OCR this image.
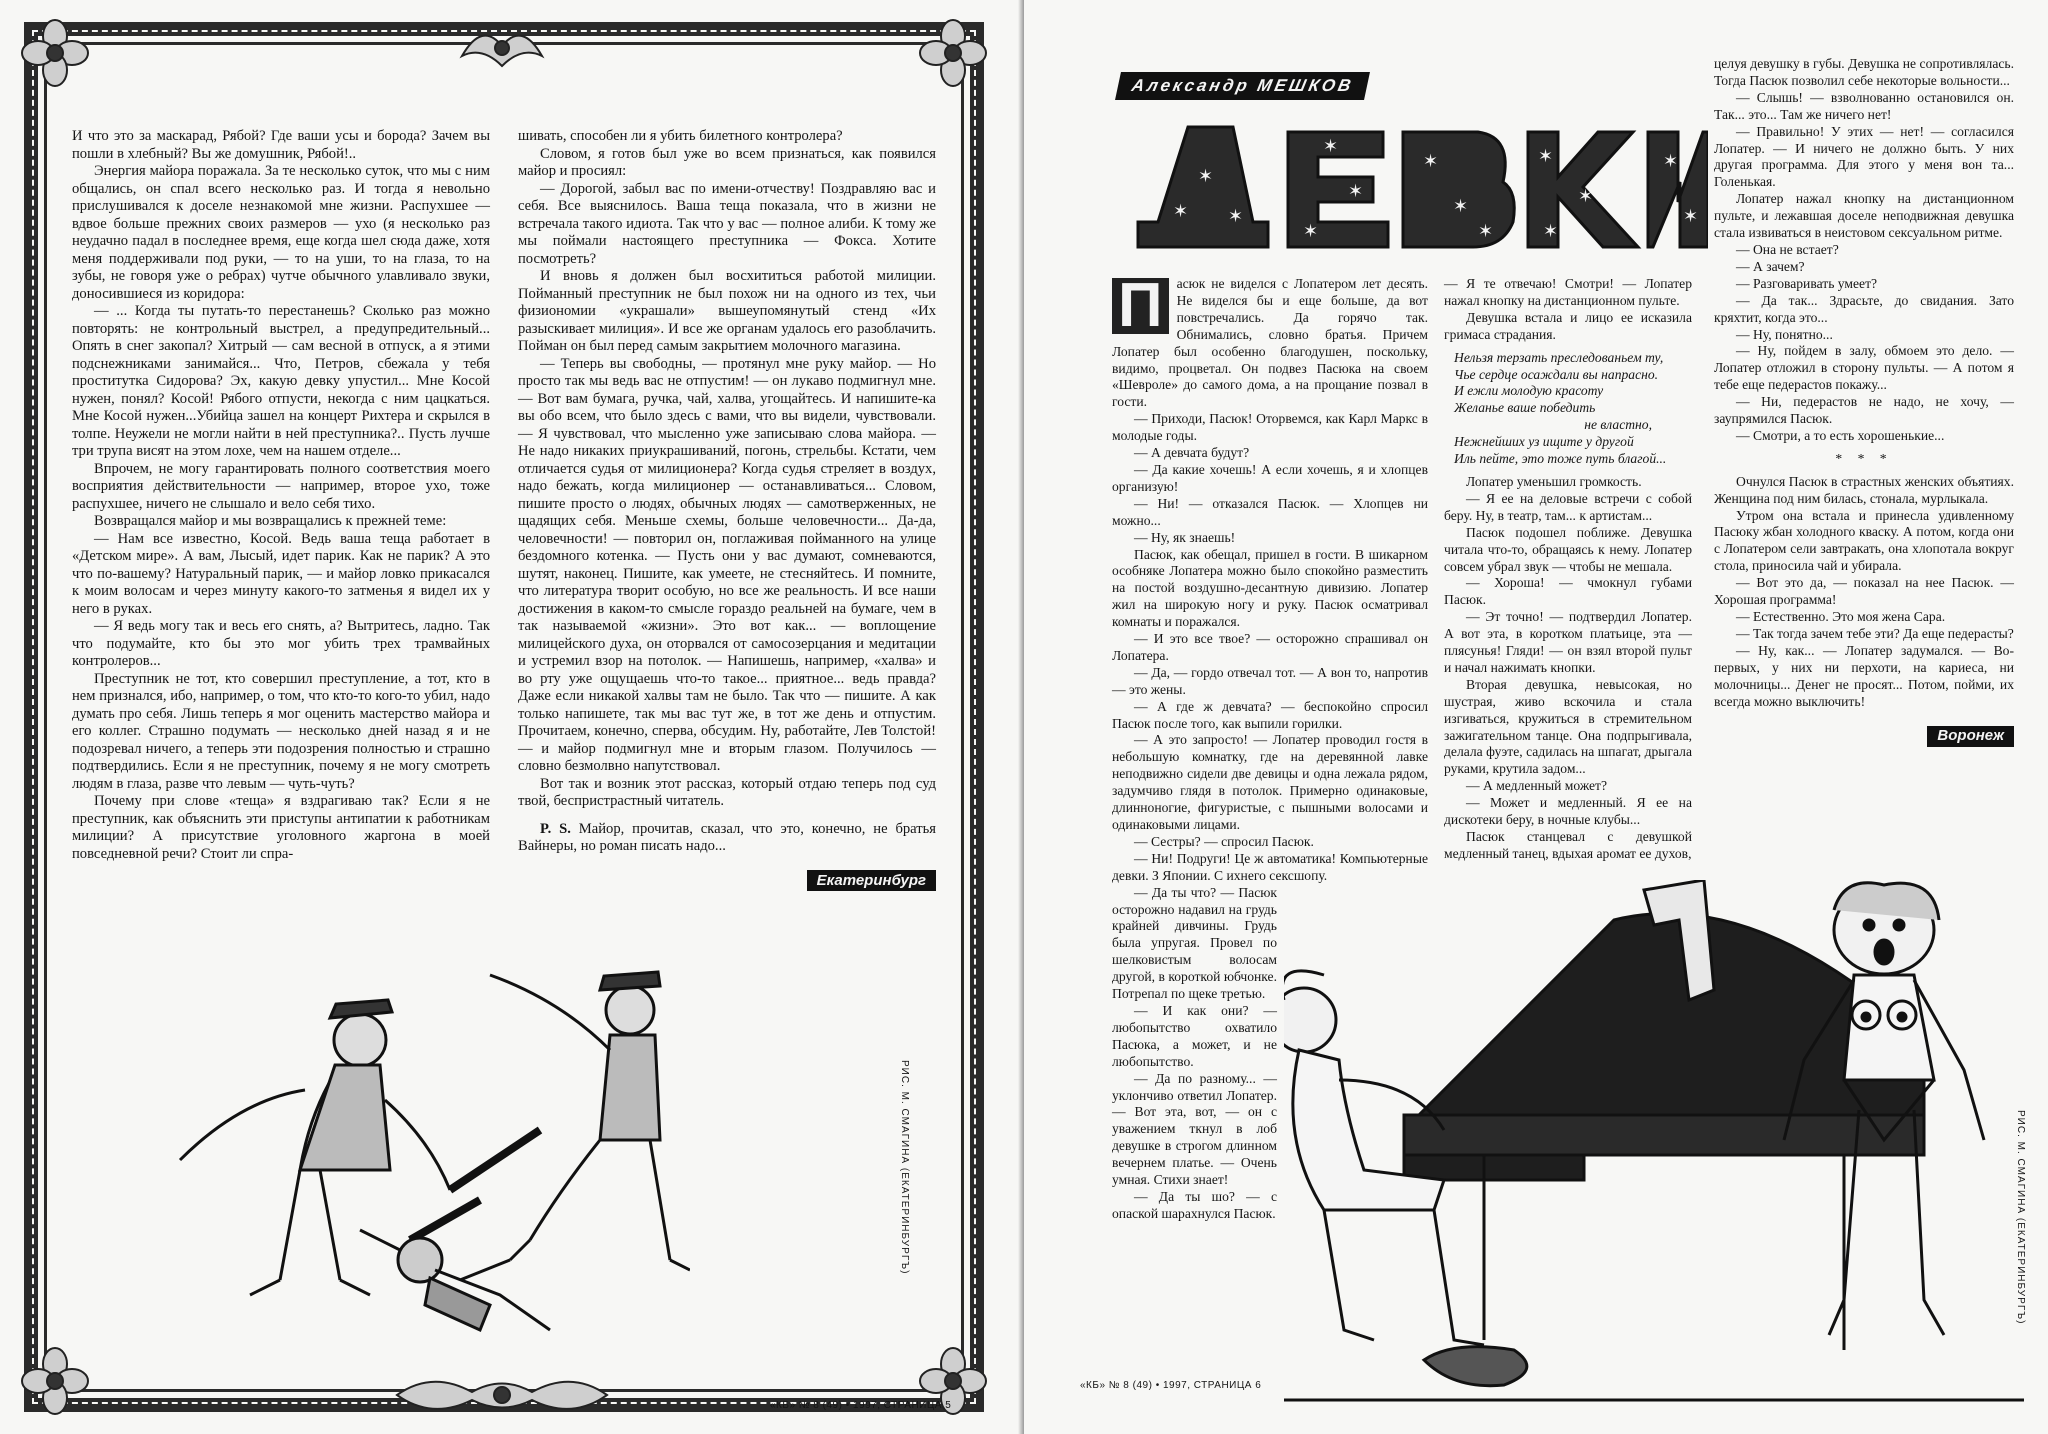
И что это за маскарад, Рябой? Где ваши усы и борода? Зачем вы пошли в хлебный? Вы же домушник, Рябой!..

Энергия майора поражала. За те несколько суток, что мы с ним общались, он спал всего несколько раз. И тогда я невольно прислушивался к доселе незнакомой мне жизни. Распухшее — вдвое больше прежних своих размеров — ухо (я несколько раз неудачно падал в последнее время, еще когда шел сюда даже, хотя меня поддерживали под руки, — то на уши, то на глаза, то на зубы, не говоря уже о ребрах) чутче обычного улавливало звуки, доносившиеся из коридора:

— ... Когда ты путать-то перестанешь? Сколько раз можно повторять: не контрольный выстрел, а предупредительный... Опять в снег закопал? Хитрый — сам весной в отпуск, а я этими подснежниками занимайся... Что, Петров, сбежала у тебя проститутка Сидорова? Эх, какую девку упустил... Мне Косой нужен, понял? Косой! Рябого отпусти, некогда с ним цацкаться. Мне Косой нужен...Убийца зашел на концерт Рихтера и скрылся в толпе. Неужели не могли найти в ней преступника?.. Пусть лучше три трупа висят на этом лохе, чем на нашем отделе...

Впрочем, не могу гарантировать полного соответствия моего восприятия действительности — например, второе ухо, тоже распухшее, ничего не слышало и вело себя тихо.

Возвращался майор и мы возвращались к прежней теме:

— Нам все известно, Косой. Ведь ваша теща работает в «Детском мире». А вам, Лысый, идет парик. Как не парик? А это что по-вашему? Натуральный парик, — и майор ловко прикасался к моим волосам и через минуту какого-то затменья я видел их у него в руках.

— Я ведь могу так и весь его снять, а? Вытритесь, ладно. Так что подумайте, кто бы это мог убить трех трамвайных контролеров...

Преступник не тот, кто совершил преступление, а тот, кто в нем признался, ибо, например, о том, что кто-то кого-то убил, надо думать про себя. Лишь теперь я мог оценить мастерство майора и его коллег. Страшно подумать — несколько дней назад я и не подозревал ничего, а теперь эти подозрения полностью и страшно подтвердились. Если я не преступник, почему я не могу смотреть людям в глаза, разве что левым — чуть-чуть?

Почему при слове «теща» я вздрагиваю так? Если я не преступник, как объяснить эти приступы антипатии к работникам милиции? А присутствие уголовного жаргона в моей повседневной речи? Стоит ли спра-

шивать, способен ли я убить билетного контролера?

Словом, я готов был уже во всем признаться, как появился майор и просиял:

— Дорогой, забыл вас по имени-отчеству! Поздравляю вас и себя. Все выяснилось. Ваша теща показала, что в жизни не встречала такого идиота. Так что у вас — полное алиби. К тому же мы поймали настоящего преступника — Фокса. Хотите посмотреть?

И вновь я должен был восхититься работой милиции. Пойманный преступник не был похож ни на одного из тех, чьи физиономии «украшали» вышеупомянутый стенд «Их разыскивает милиция». И все же органам удалось его разоблачить. Пойман он был перед самым закрытием молочного магазина.

— Теперь вы свободны, — протянул мне руку майор. — Но просто так мы ведь вас не отпустим! — он лукаво подмигнул мне. — Вот вам бумага, ручка, чай, халва, угощайтесь. И напишите-ка вы обо всем, что было здесь с вами, что вы видели, чувствовали. — Я чувствовал, что мысленно уже записываю слова майора. — Не надо никаких приукрашиваний, погонь, стрельбы. Кстати, чем отличается судья от милиционера? Когда судья стреляет в воздух, надо бежать, когда милиционер — останавливаться... Словом, пишите просто о людях, обычных людях — самотверженных, не щадящих себя. Меньше схемы, больше человечности... Да-да, человечности! — повторил он, поглаживая пойманного на улице бездомного котенка. — Пусть они у вас думают, сомневаются, шутят, наконец. Пишите, как умеете, не стесняйтесь. И помните, что литература творит особую, но все же реальность. И все наши достижения в каком-то смысле гораздо реальней на бумаге, чем в так называемой «жизни». Это вот как... — воплощение милицейского духа, он оторвался от самосозерцания и медитации и устремил взор на потолок. — Напишешь, например, «халва» и во рту уже ощущаешь что-то такое... приятное... ведь правда? Даже если никакой халвы там не было. Так что — пишите. А как только напишете, так мы вас тут же, в тот же день и отпустим. Прочитаем, конечно, сперва, обсудим. Ну, работайте, Лев Толстой! — и майор подмигнул мне и вторым глазом. Получилось — словно безмолвно напутствовал.

Вот так и возник этот рассказ, который отдаю теперь под суд твой, беспристрастный читатель.

P. S. Майор, прочитав, сказал, что это, конечно, не братья Вайнеры, но роман писать надо...

Екатеринбург
РИС. М. СМАГИНА (ЕКАТЕРИНБУРГЪ)
«КБ» № 8 (49) • 1997, СТРАНИЦА 5
Александр МЕШКОВ
✶
✶ ✶
✶
✶
✶
✶
✶
✶
✶
✶
✶
✶
✶

П	асюк не виделся с Лопатером лет десять. Не виделся бы и еще больше, да вот повстречались. Да горячо так. Обнимались, словно братья. Причем Лопатер был особенно благодушен, поскольку, видимо, процветал. Он подвез Пасюка на своем «Шевроле» до самого дома, а на прощание позвал в гости.

— Приходи, Пасюк! Оторвемся, как Карл Маркс в молодые годы.

— А девчата будут?

— Да какие хочешь! А если хочешь, я и хлопцев организую!

— Ни! — отказался Пасюк. — Хлопцев ни можно...

— Ну, як знаешь!

Пасюк, как обещал, пришел в гости. В шикарном особняке Лопатера можно было спокойно разместить на постой воздушно-десантную дивизию. Лопатер жил на широкую ногу и руку. Пасюк осматривал комнаты и поражался.

— И это все твое? — осторожно спрашивал он Лопатера.

— Да, — гордо отвечал тот. — А вон то, напротив — это жены.

— А где ж девчата? — беспокойно спросил Пасюк после того, как выпили горилки.

— А это запросто! — Лопатер проводил гостя в небольшую комнатку, где на деревянной лавке неподвижно сидели две девицы и одна лежала рядом, задумчиво глядя в потолок. Примерно одинаковые, длинноногие, фигуристые, с пышными волосами и одинаковыми лицами.

— Сестры? — спросил Пасюк.

— Ни! Подруги! Це ж автоматика! Компьютерные девки. З Японии. С ихнего сексшопу.

— Да ты что? — Пасюк осторожно надавил на грудь крайней дивчины. Грудь была упругая. Провел по шелковистым волосам другой, в короткой юбчонке. Потрепал по щеке третью.

— И как они? — любопытство охватило Пасюка, а может, и не любопытство.

— Да по разному... — уклончиво ответил Лопатер. — Вот эта, вот, — он с уважением ткнул в лоб девушке в строгом длинном вечернем платье. — Очень умная. Стихи знает!

— Да ты шо? — с опаской шарахнулся Пасюк.

— Я те отвечаю! Смотри! — Лопатер нажал кнопку на дистанционном пульте.

Девушка встала и лицо ее исказила гримаса страдания.

Нельзя терзать преследованьем ту,
Чье сердце осаждали вы напрасно.
И ежли молодую красоту
Желанье ваше победить
не властно,
Нежнейших уз ищите у другой
Иль пейте, это тоже путь благой...

Лопатер уменьшил громкость.

— Я ее на деловые встречи с собой беру. Ну, в театр, там... к артистам...

Пасюк подошел поближе. Девушка читала что-то, обращаясь к нему. Лопатер совсем убрал звук — чтобы не мешала.

— Хороша! — чмокнул губами Пасюк.

— Эт точно! — подтвердил Лопатер. А вот эта, в коротком платьице, эта — плясунья! Гляди! — он взял второй пульт и начал нажимать кнопки.

Вторая девушка, невысокая, но шустрая, живо вскочила и стала изгиваться, кружиться в стремительном зажигательном танце. Она подпрыгивала, делала фуэте, садилась на шпагат, дрыгала руками, крутила задом...

— А медленный может?

— Может и медленный. Я ее на дискотеки беру, в ночные клубы...

Пасюк станцевал с девушкой медленный танец, вдыхая аромат ее духов,

целуя девушку в губы. Девушка не сопротивлялась. Тогда Пасюк позволил себе некоторые вольности...

— Слышь! — взволнованно остановился он. Так... это... Там же ничего нет!

— Правильно! У этих — нет! — согласился Лопатер. — И ничего не должно быть. У них другая программа. Для этого у меня вон та... Голенькая.

Лопатер нажал кнопку на дистанционном пульте, и лежавшая доселе неподвижная девушка стала извиваться в неистовом сексуальном ритме.

— Она не встает?

— А зачем?

— Разговаривать умеет?

— Да так... Здрасьте, до свидания. Зато кряхтит, когда это...

— Ну, понятно...

— Ну, пойдем в залу, обмоем это дело. — Лопатер отложил в сторону пульты. — А потом я тебе еще педерастов покажу...

— Ни, педерастов не надо, не хочу, — заупрямился Пасюк.

— Смотри, а то есть хорошенькие...

* * *

Очнулся Пасюк в страстных женских объятиях. Женщина под ним билась, стонала, мурлыкала.

Утром она встала и принесла удивленному Пасюку жбан холодного кваску. А потом, когда они с Лопатером сели завтракать, она хлопотала вокруг стола, приносила чай и убирала.

— Вот это да, — показал на нее Пасюк. — Хорошая программа!

— Естественно. Это моя жена Сара.

— Так тогда зачем тебе эти? Да еще педерасты?

— Ну, как... — Лопатер задумался. — Во-первых, у них ни перхоти, на кариеса, ни молочницы... Денег не просят... Потом, пойми, их всегда можно выключить!

Воронеж
РИС. М. СМАГИНА (ЕКАТЕРИНБУРГЪ)
«КБ» № 8 (49) • 1997, СТРАНИЦА 6
